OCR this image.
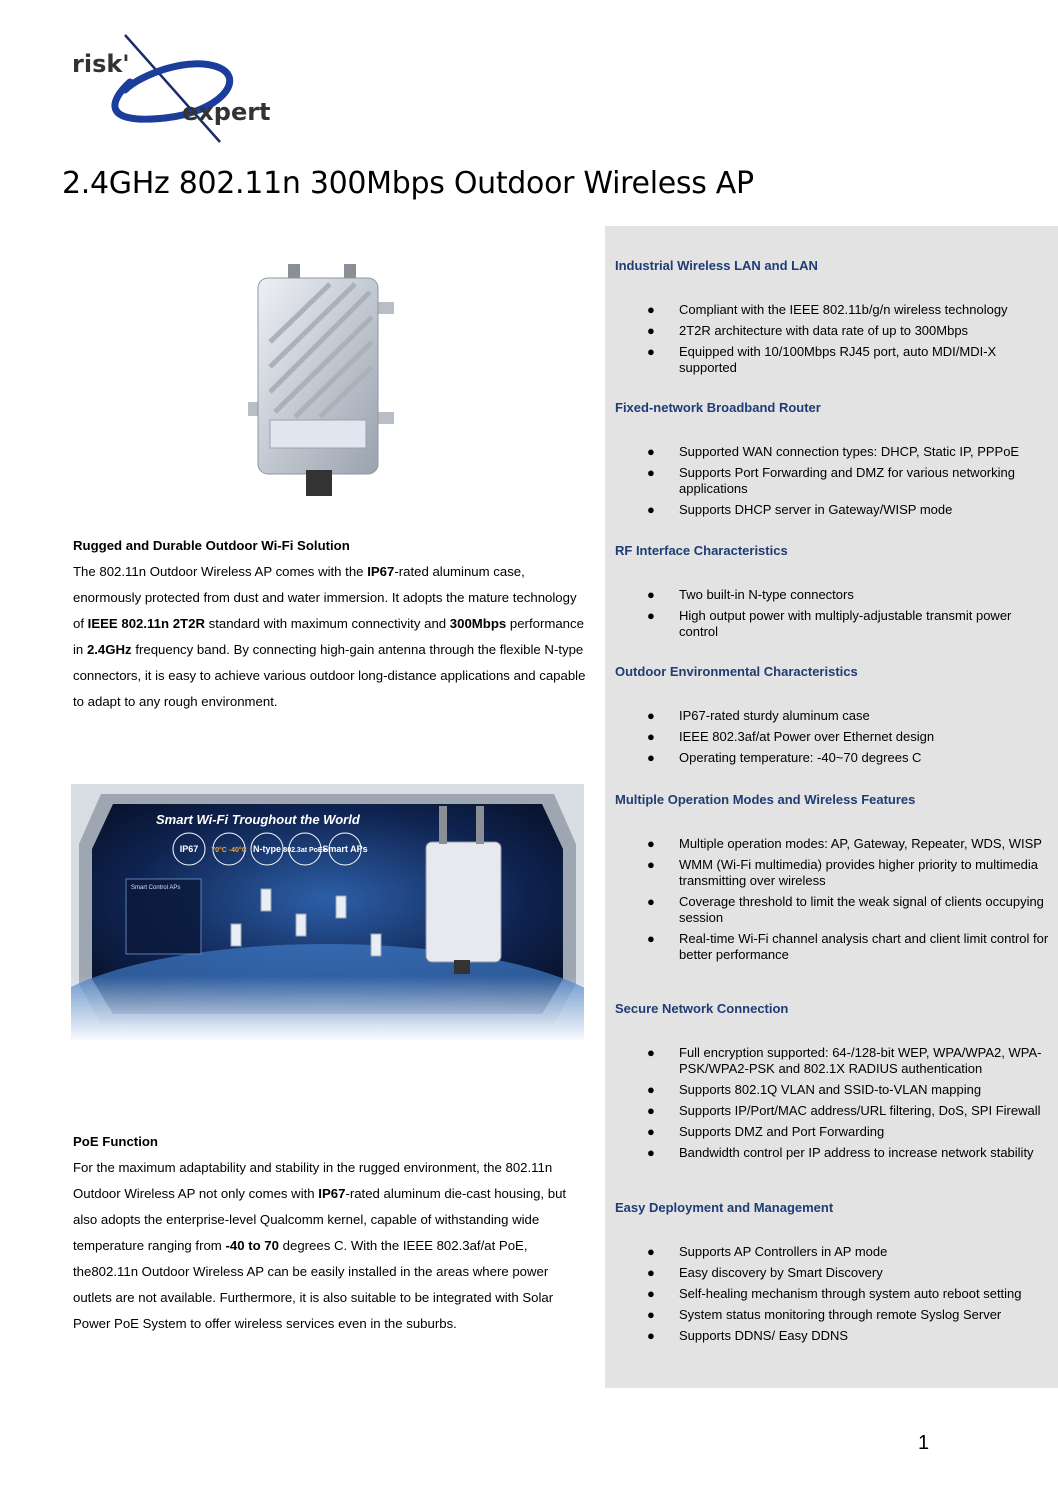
risk'
expert
2.4GHz 802.11n 300Mbps Outdoor Wireless AP
Rugged and Durable Outdoor Wi-Fi Solution

The 802.11n Outdoor Wireless AP comes with the IP67-rated aluminum case,

enormously protected from dust and water immersion. It adopts the mature technology

of IEEE 802.11n 2T2R standard with maximum connectivity and 300Mbps performance

in 2.4GHz frequency band. By connecting high-gain antenna through the flexible N-type

connectors, it is easy to achieve various outdoor long-distance applications and capable

to adapt to any rough environment.

PoE Function

For the maximum adaptability and stability in the rugged environment, the 802.11n

Outdoor Wireless AP not only comes with IP67-rated aluminum die-cast housing, but

also adopts the enterprise-level Qualcomm kernel, capable of withstanding wide

temperature ranging from -40 to 70 degrees C. With the IEEE 802.3af/at PoE,

the802.11n Outdoor Wireless AP can be easily installed in the areas where power

outlets are not available. Furthermore, it is also suitable to be integrated with Solar

Power PoE System to offer wireless services even in the suburbs.

Industrial Wireless LAN and LAN
● Compliant with the IEEE 802.11b/g/n wireless technology
● 2T2R architecture with data rate of up to 300Mbps
● Equipped with 10/100Mbps RJ45 port, auto MDI/MDI-X supported
Fixed-network Broadband Router
● Supported WAN connection types: DHCP, Static IP, PPPoE
● Supports Port Forwarding and DMZ for various networking applications
● Supports DHCP server in Gateway/WISP mode
RF Interface Characteristics
● Two built-in N-type connectors
● High output power with multiply-adjustable transmit power control
Outdoor Environmental Characteristics
● IP67-rated sturdy aluminum case
● IEEE 802.3af/at Power over Ethernet design
● Operating temperature: -40~70 degrees C
Multiple Operation Modes and Wireless Features
● Multiple operation modes: AP, Gateway, Repeater, WDS, WISP
● WMM (Wi-Fi multimedia) provides higher priority to multimedia transmitting over wireless
● Coverage threshold to limit the weak signal of clients occupying session
● Real-time Wi-Fi channel analysis chart and client limit control for better performance
Secure Network Connection
● Full encryption supported: 64-/128-bit WEP, WPA/WPA2, WPA-PSK/WPA2-PSK and 802.1X RADIUS authentication
● Supports 802.1Q VLAN and SSID-to-VLAN mapping
● Supports IP/Port/MAC address/URL filtering, DoS, SPI Firewall
● Supports DMZ and Port Forwarding
● Bandwidth control per IP address to increase network stability
Easy Deployment and Management
● Supports AP Controllers in AP mode
● Easy discovery by Smart Discovery
● Self-healing mechanism through system auto reboot setting
● System status monitoring through remote Syslog Server
● Supports DDNS/ Easy DDNS
1
